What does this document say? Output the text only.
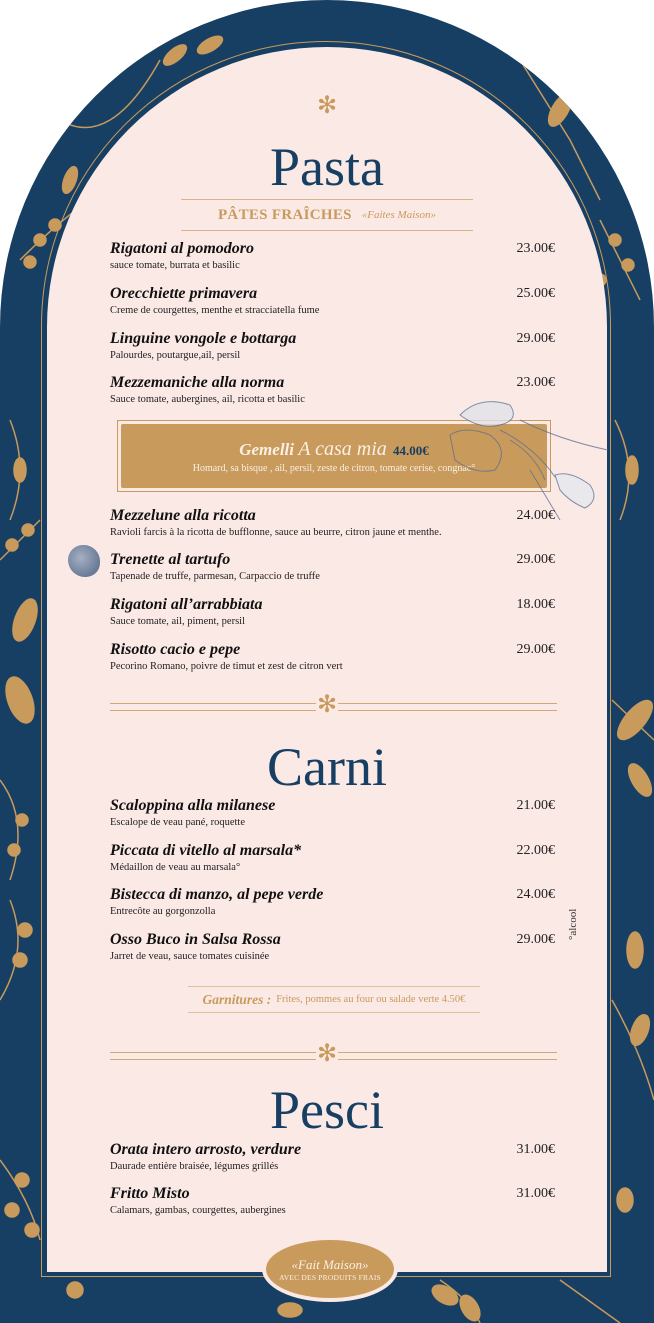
✻
Pasta
PÂTES FRAÎCHES «Faites Maison»
Rigatoni al pomodoro
sauce tomate, burrata et basilic
23.00€
Orecchiette primavera
Creme de courgettes, menthe et stracciatella fume
25.00€
Linguine vongole e bottarga
Palourdes, poutargue,ail, persil
29.00€
Mezzemaniche alla norma
Sauce tomate, aubergines, ail, ricotta et basilic
23.00€
Gemelli A casa mia 44.00€
Homard, sa bisque , ail, persil, zeste de citron, tomate cerise, congnac°
Mezzelune alla ricotta
Ravioli farcis à la ricotta de bufflonne, sauce au beurre, citron jaune et menthe.
24.00€
Trenette al tartufo
Tapenade de truffe, parmesan, Carpaccio de truffe
29.00€
Rigatoni all’arrabbiata
Sauce tomate, ail, piment, persil
18.00€
Risotto cacio e pepe
Pecorino Romano, poivre de timut et zest de citron vert
29.00€
✻
Carni
Scaloppina alla milanese
Escalope de veau pané, roquette
21.00€
Piccata di vitello al marsala*
Médaillon de veau au marsala°
22.00€
Bistecca di manzo, al pepe verde
Entrecôte au gorgonzolla
24.00€
Osso Buco in Salsa Rossa
Jarret de veau, sauce tomates cuisinée
29.00€ °alcool
Garnitures : Frites, pommes au four ou salade verte 4.50€
✻
Pesci
Orata intero arrosto, verdure
Daurade entière braisée, légumes grillés
31.00€
Fritto Misto
Calamars, gambas, courgettes, aubergines
31.00€
«Fait Maison»
AVEC DES PRODUITS FRAIS
